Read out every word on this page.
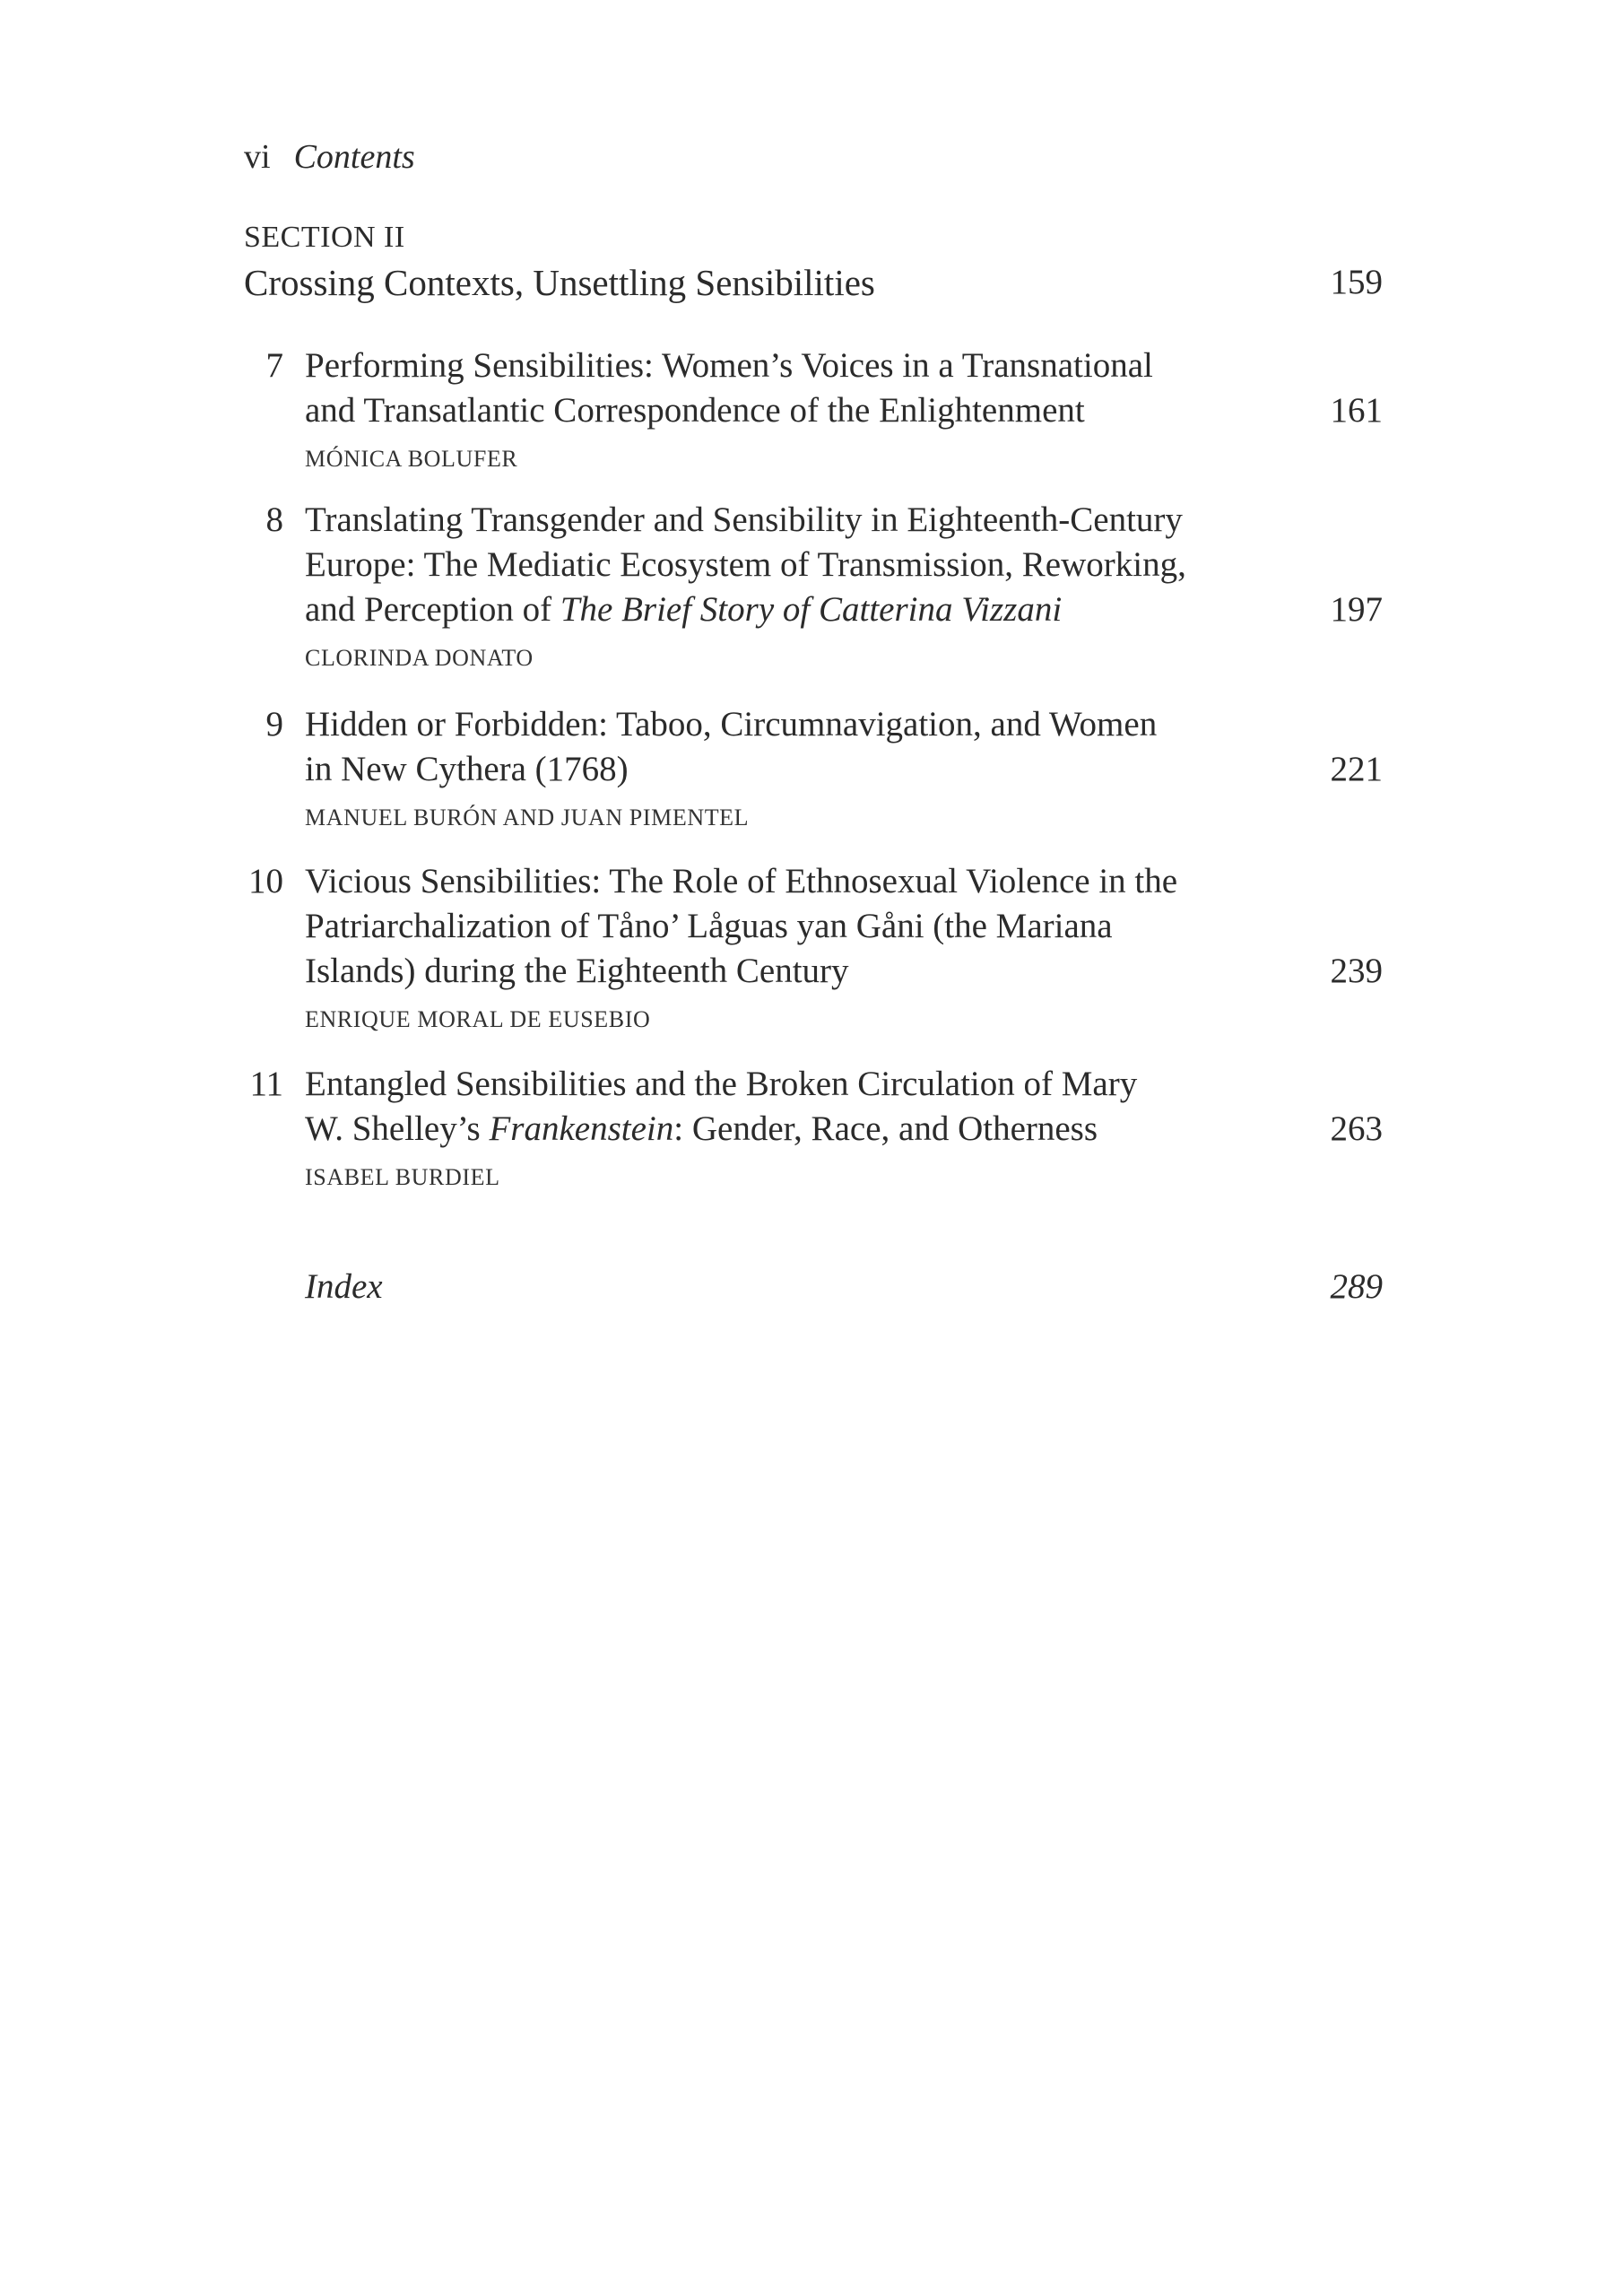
vi Contents
SECTION II
Crossing Contexts, Unsettling Sensibilities	159
7 Performing Sensibilities: Women’s Voices in a Transnational
and Transatlantic Correspondence of the Enlightenment	161
MÓNICA BOLUFER
8 Translating Transgender and Sensibility in Eighteenth-Century
Europe: The Mediatic Ecosystem of Transmission, Reworking,
and Perception of The Brief Story of Catterina Vizzani	197
CLORINDA DONATO
9 Hidden or Forbidden: Taboo, Circumnavigation, and Women
in New Cythera (1768)	221
MANUEL BURÓN AND JUAN PIMENTEL
10 Vicious Sensibilities: The Role of Ethnosexual Violence in the
Patriarchalization of Tåno’ Låguas yan Gåni (the Mariana
Islands) during the Eighteenth Century	239
ENRIQUE MORAL DE EUSEBIO
11 Entangled Sensibilities and the Broken Circulation of Mary
W. Shelley’s Frankenstein: Gender, Race, and Otherness	263
ISABEL BURDIEL
Index	289
